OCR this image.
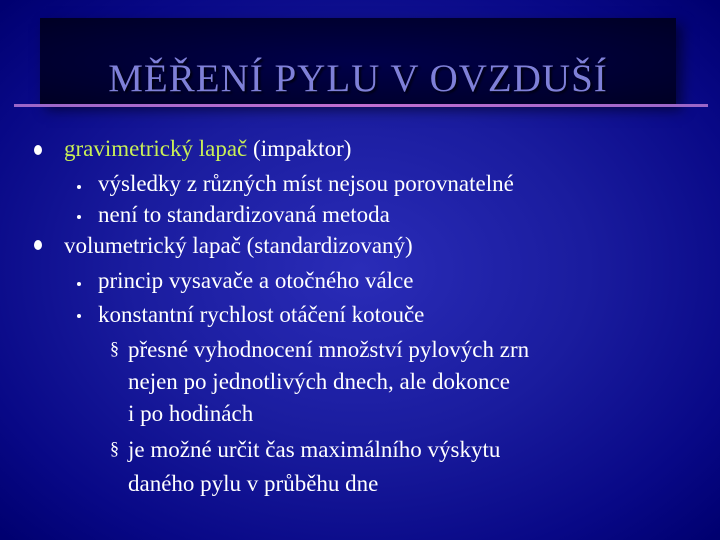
MĚŘENÍ PYLU V OVZDUŠÍ
gravimetrický lapač (impaktor)
výsledky z různých míst nejsou porovnatelné
není to standardizovaná metoda
volumetrický lapač (standardizovaný)
princip vysavače a otočného válce
konstantní rychlost otáčení kotouče
§ přesné vyhodnocení množství pylových zrn
nejen po jednotlivých dnech, ale dokonce
i po hodinách
§ je možné určit čas maximálního výskytu
daného pylu v průběhu dne
